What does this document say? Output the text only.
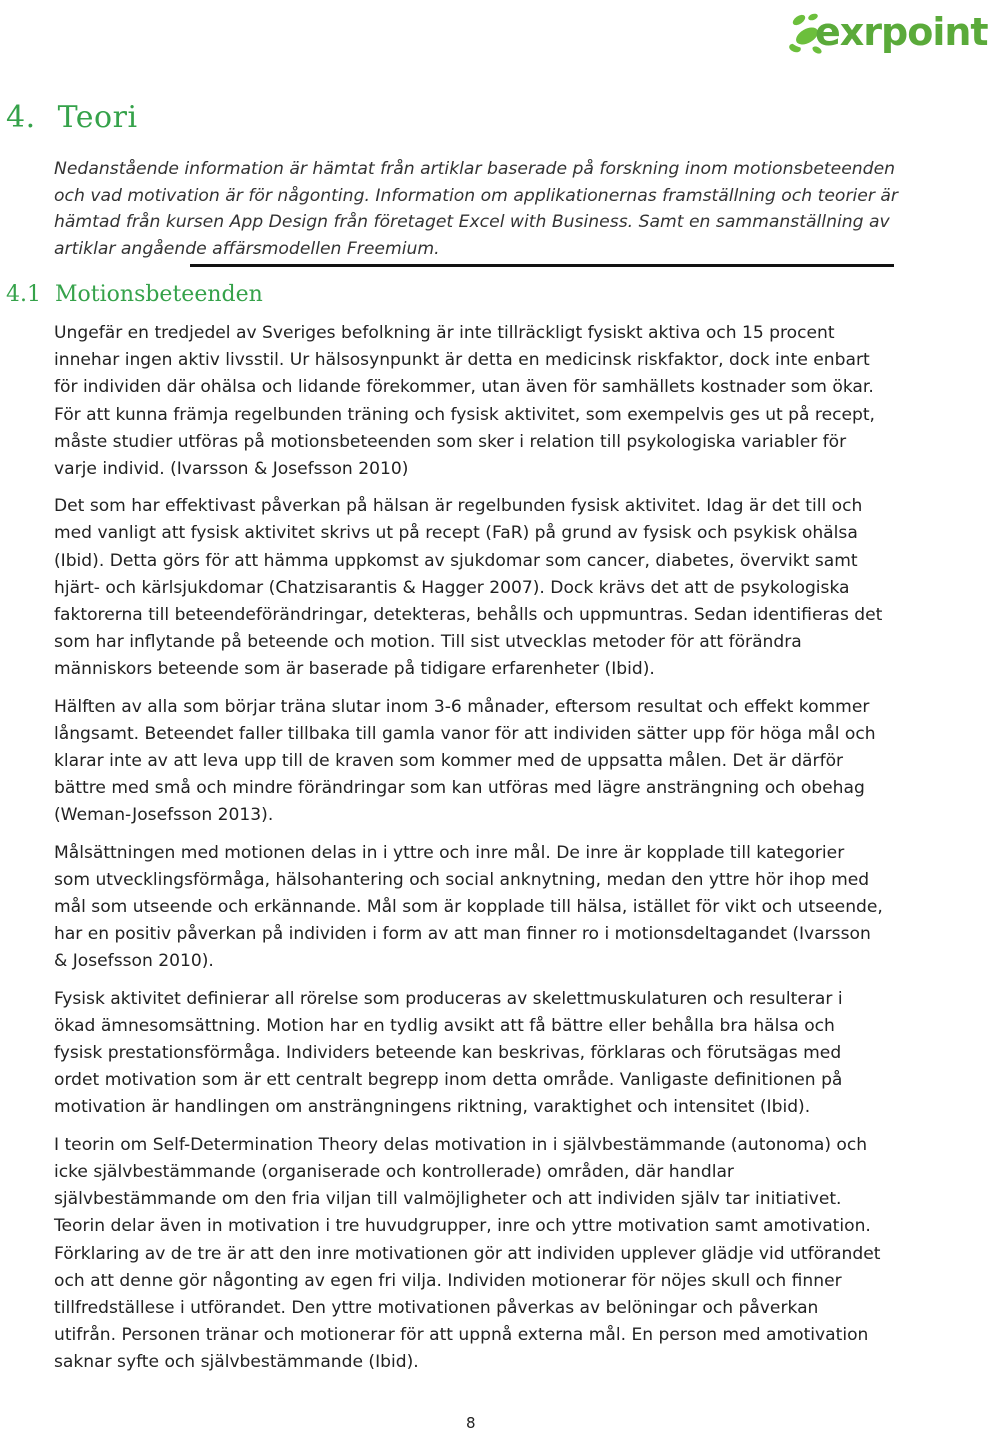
exrpoint
4. Teori

Nedanstående information är hämtat från artiklar baserade på forskning inom motionsbeteenden och vad motivation är för någonting. Information om applikationernas framställning och teorier är hämtad från kursen App Design från företaget Excel with Business. Samt en sammanställning av artiklar angående affärsmodellen Freemium.

4.1 Motionsbeteenden

Ungefär en tredjedel av Sveriges befolkning är inte tillräckligt fysiskt aktiva och 15 procent innehar ingen aktiv livsstil. Ur hälsosynpunkt är detta en medicinsk riskfaktor, dock inte enbart för individen där ohälsa och lidande förekommer, utan även för samhällets kostnader som ökar. För att kunna främja regelbunden träning och fysisk aktivitet, som exempelvis ges ut på recept, måste studier utföras på motionsbeteenden som sker i relation till psykologiska variabler för varje individ. (Ivarsson & Josefsson 2010)

Det som har effektivast påverkan på hälsan är regelbunden fysisk aktivitet. Idag är det till och med vanligt att fysisk aktivitet skrivs ut på recept (FaR) på grund av fysisk och psykisk ohälsa (Ibid). Detta görs för att hämma uppkomst av sjukdomar som cancer, diabetes, övervikt samt hjärt- och kärlsjukdomar (Chatzisarantis & Hagger 2007). Dock krävs det att de psykologiska faktorerna till beteendeförändringar, detekteras, behålls och uppmuntras. Sedan identifieras det som har inflytande på beteende och motion. Till sist utvecklas metoder för att förändra människors beteende som är baserade på tidigare erfarenheter (Ibid).

Hälften av alla som börjar träna slutar inom 3-6 månader, eftersom resultat och effekt kommer långsamt. Beteendet faller tillbaka till gamla vanor för att individen sätter upp för höga mål och klarar inte av att leva upp till de kraven som kommer med de uppsatta målen. Det är därför bättre med små och mindre förändringar som kan utföras med lägre ansträngning och obehag (Weman-Josefsson 2013).

Målsättningen med motionen delas in i yttre och inre mål. De inre är kopplade till kategorier som utvecklingsförmåga, hälsohantering och social anknytning, medan den yttre hör ihop med mål som utseende och erkännande. Mål som är kopplade till hälsa, istället för vikt och utseende, har en positiv påverkan på individen i form av att man finner ro i motionsdeltagandet (Ivarsson & Josefsson 2010).

Fysisk aktivitet definierar all rörelse som produceras av skelettmuskulaturen och resulterar i ökad ämnesomsättning. Motion har en tydlig avsikt att få bättre eller behålla bra hälsa och fysisk prestationsförmåga. Individers beteende kan beskrivas, förklaras och förutsägas med ordet motivation som är ett centralt begrepp inom detta område. Vanligaste definitionen på motivation är handlingen om ansträngningens riktning, varaktighet och intensitet (Ibid).

I teorin om Self-Determination Theory delas motivation in i självbestämmande (autonoma) och icke självbestämmande (organiserade och kontrollerade) områden, där handlar självbestämmande om den fria viljan till valmöjligheter och att individen själv tar initiativet. Teorin delar även in motivation i tre huvudgrupper, inre och yttre motivation samt amotivation. Förklaring av de tre är att den inre motivationen gör att individen upplever glädje vid utförandet och att denne gör någonting av egen fri vilja. Individen motionerar för nöjes skull och finner tillfredställese i utförandet. Den yttre motivationen påverkas av belöningar och påverkan utifrån. Personen tränar och motionerar för att uppnå externa mål. En person med amotivation saknar syfte och självbestämmande (Ibid).

8
